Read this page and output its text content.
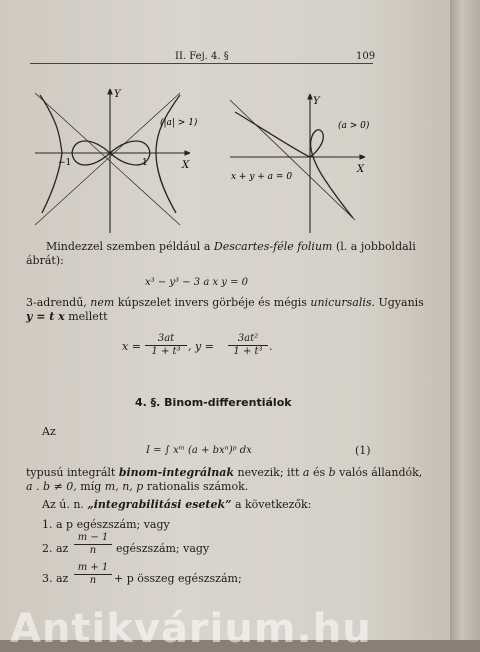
II. Fej. 4. §	109
Y
X
(|a| > 1)
−1	1
Y
X
(a > 0)
x + y + a = 0
Mindezzel szemben például a Descartes-féle folium (l. a jobboldali
ábrát):
x³ − y³ − 3 a x y = 0
3-adrendű, nem kúpszelet invers görbéje és mégis unicursalis. Ugyanis
y = t x mellett
$x = \frac{3at}{\text{1 + t³}}$ , $y = \frac{\text{3at²}}{\text{1 + t³}}$ .
4. §. Binom-differentiálok
Az
I = ∫ xᵐ (a + bxⁿ)ᵖ dx	(1)
typusú integrált binom-integrálnak nevezik; itt a és b valós állandók,
a . b ≠ 0, míg m, n, p rationalis számok.
Az ú. n. „integrabilitási esetek” a következők:
1. a p egészszám; vagy
2. az $\frac{m - 1}{n}$ egészszám; vagy
3. az $\frac{m + 1}{n} + p$ összeg egészszám;
Antikvárium.hu
